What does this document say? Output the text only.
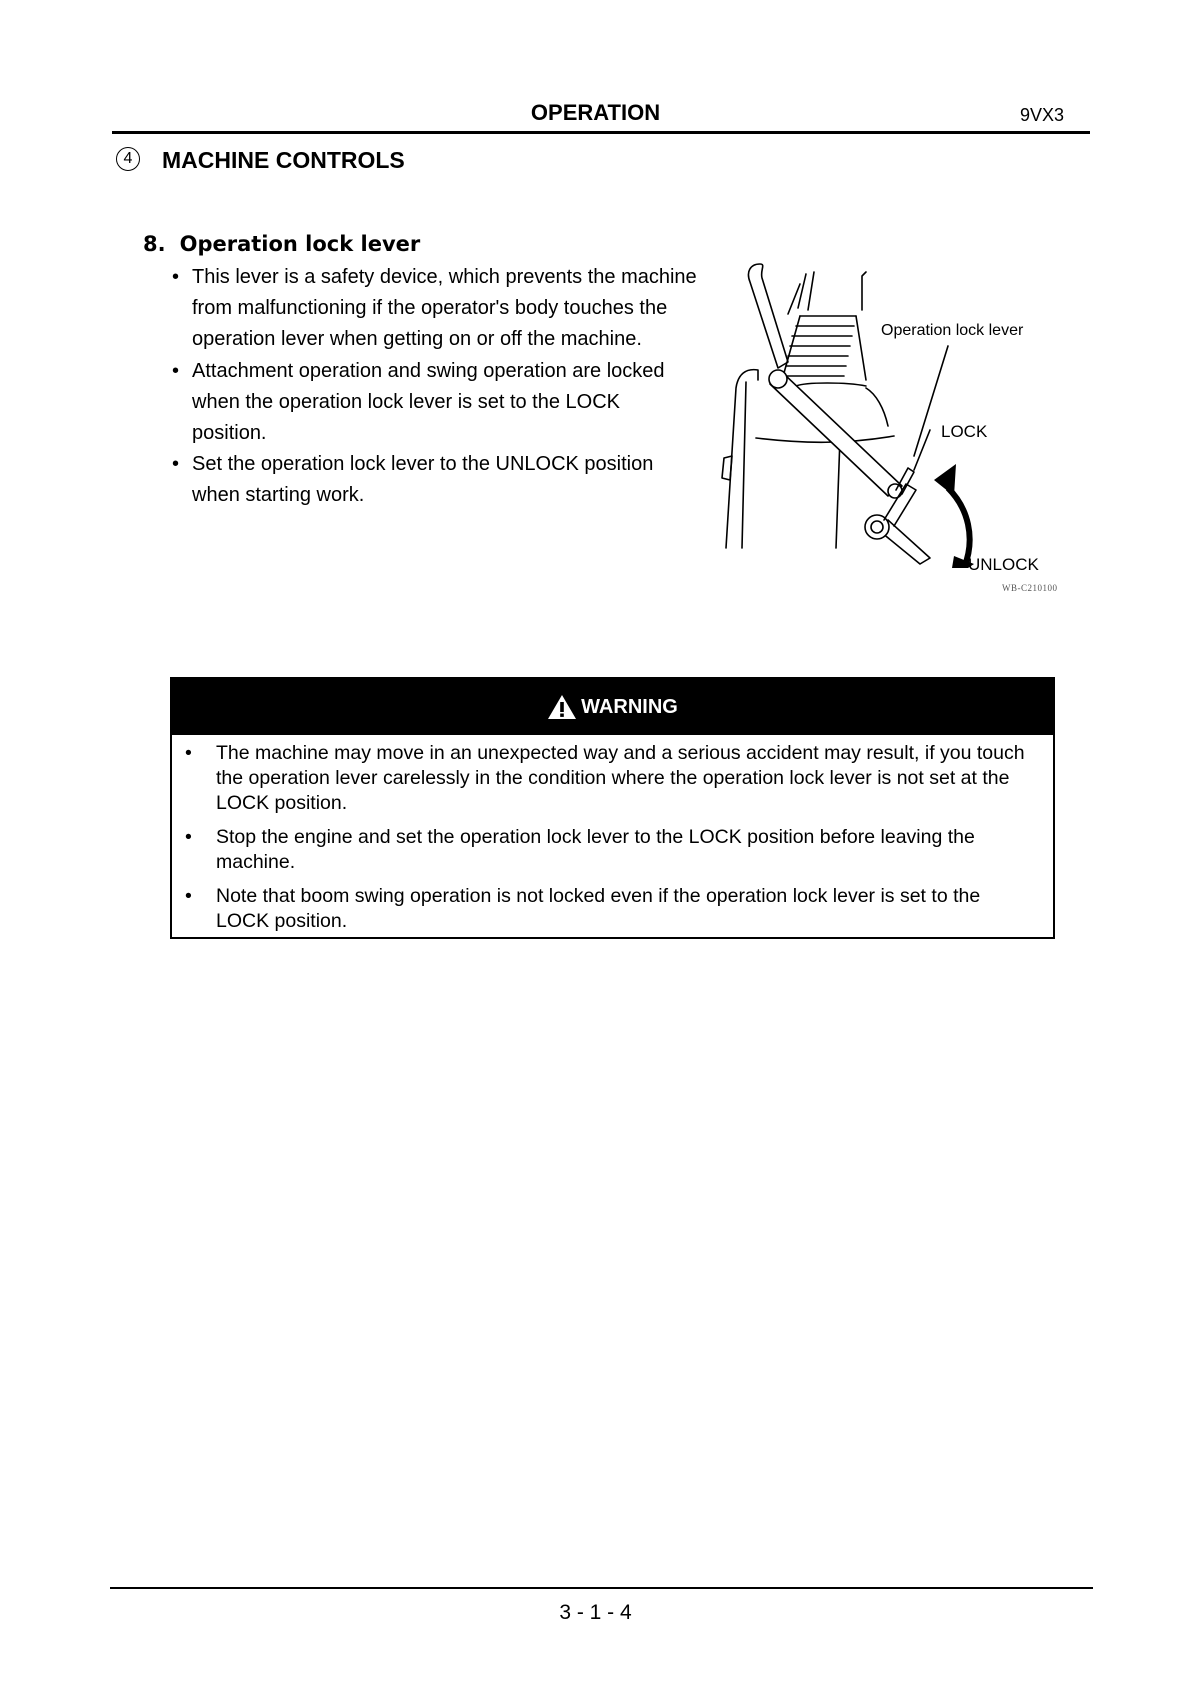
OPERATION	9VX3
4	MACHINE CONTROLS
8. Operation lock lever
• This lever is a safety device, which prevents the machine from malfunctioning if the operator's body touches the operation lever when getting on or off the machine.
• Attachment operation and swing operation are locked when the operation lock lever is set to the LOCK position.
• Set the operation lock lever to the UNLOCK position when starting work.
Operation lock lever
LOCK
UNLOCK
WB-C210100
WARNING
• The machine may move in an unexpected way and a serious accident may result, if you touch the operation lever carelessly in the condition where the operation lock lever is not set at the LOCK position.
• Stop the engine and set the operation lock lever to the LOCK position before leaving the machine.
• Note that boom swing operation is not locked even if the operation lock lever is set to the LOCK position.
3 - 1 - 4
